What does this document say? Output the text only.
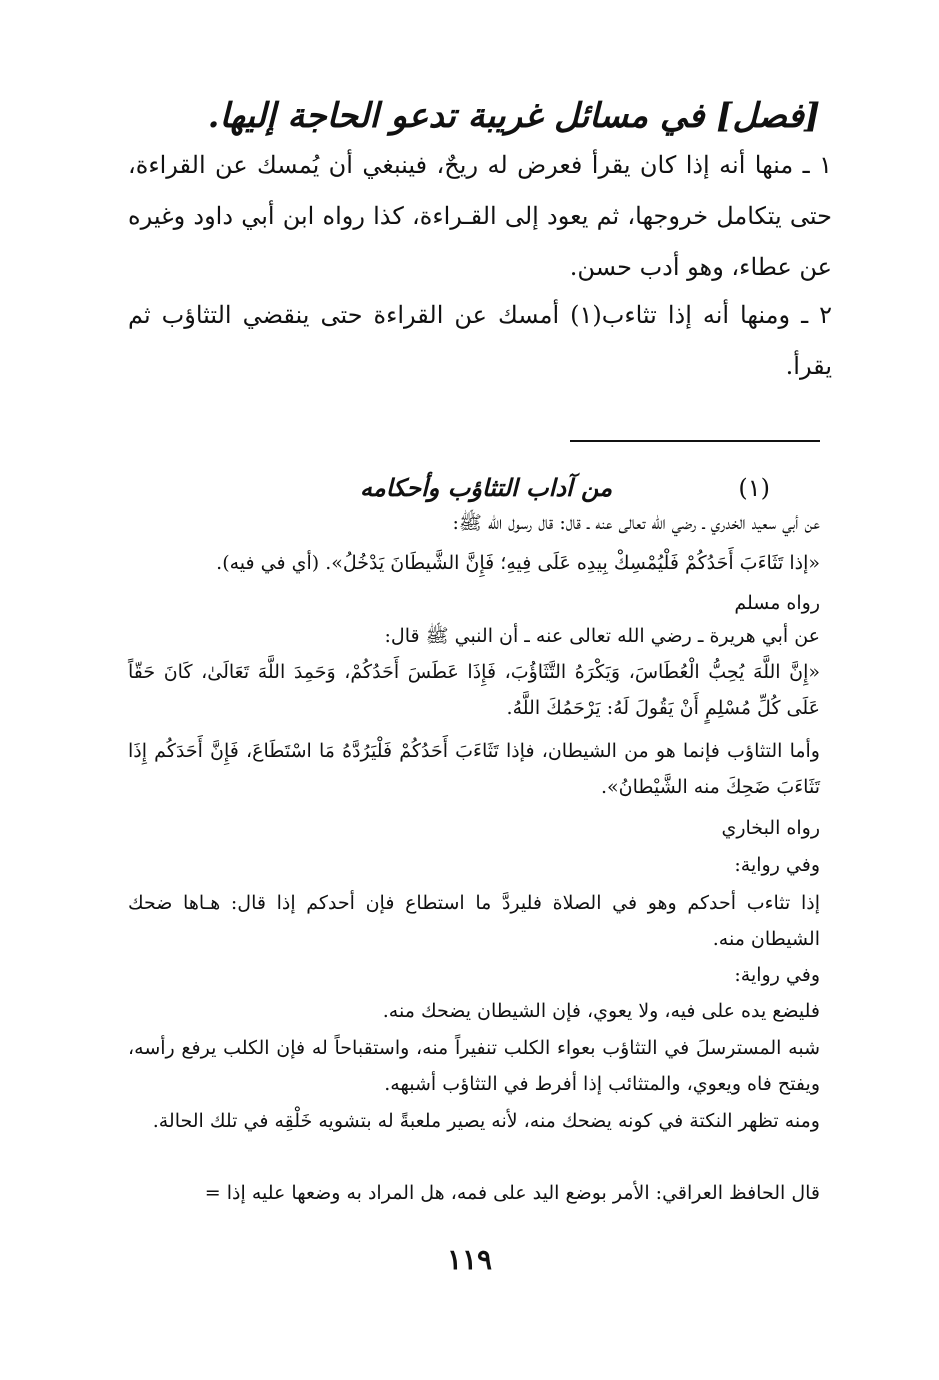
[فصل] في مسائل غريبة تدعو الحاجة إليها.
١ ـ منها أنه إذا كان يقرأ فعرض له ريحٌ، فينبغي أن يُمسك عن القراءة، حتى يتكامل خروجها، ثم يعود إلى القـراءة، كذا رواه ابن أبي داود وغيره عن عطاء، وهو أدب حسن.
٢ ـ ومنها أنه إذا تثاءب(١) أمسك عن القراءة حتى ينقضي التثاؤب ثم يقرأ.
(١)
من آداب التثاؤب وأحكامه
عن أبي سعيد الخدري ـ رضي الله تعالى عنه ـ قال: قال رسول الله ﷺ:
«إذا تَثَاءَبَ أَحَدُكُمْ فَلْيُمْسِكْ بِيدِه عَلَى فِيهِ؛ فَإِنَّ الشَّيطَانَ يَدْخُلُ». (أي في فيه).
رواه مسلم
عن أبي هريرة ـ رضي الله تعالى عنه ـ أن النبي ﷺ قال:
«إِنَّ اللَّهَ يُحِبُّ الْعُطَاسَ، وَيَكْرَهُ التَّثَاؤُبَ، فَإِذَا عَطَسَ أَحَدُكُمْ، وَحَمِدَ اللَّهَ تَعَالَىٰ، كَانَ حَقّاً عَلَى كُلِّ مُسْلِمٍ أَنْ يَقُولَ لَهُ: يَرْحَمُكَ اللَّهُ.
وأما التثاؤب فإنما هو من الشيطان، فإذا تَثَاءَبَ أَحَدُكُمْ فَلْيَرُدَّهُ مَا اسْتَطَاعَ، فَإِنَّ أَحَدَكُم إِذَا تَثَاءَبَ ضَحِكَ منه الشَّيْطانُ».
رواه البخاري
وفي رواية:
إذا تثاءب أحدكم وهو في الصلاة فليردَّ ما استطاع فإن أحدكم إذا قال: هـاها ضحك الشيطان منه.
وفي رواية:
فليضع يده على فيه، ولا يعوي، فإن الشيطان يضحك منه.
شبه المسترسلَ في التثاؤب بعواء الكلب تنفيراً منه، واستقباحاً له فإن الكلب يرفع رأسه، ويفتح فاه ويعوي، والمتثائب إذا أفرط في التثاؤب أشبهه.
ومنه تظهر النكتة في كونه يضحك منه، لأنه يصير ملعبةً له بتشويه خَلْقِه في تلك الحالة.
قال الحافظ العراقي: الأمر بوضع اليد على فمه، هل المراد به وضعها عليه إذا =
١١٩
